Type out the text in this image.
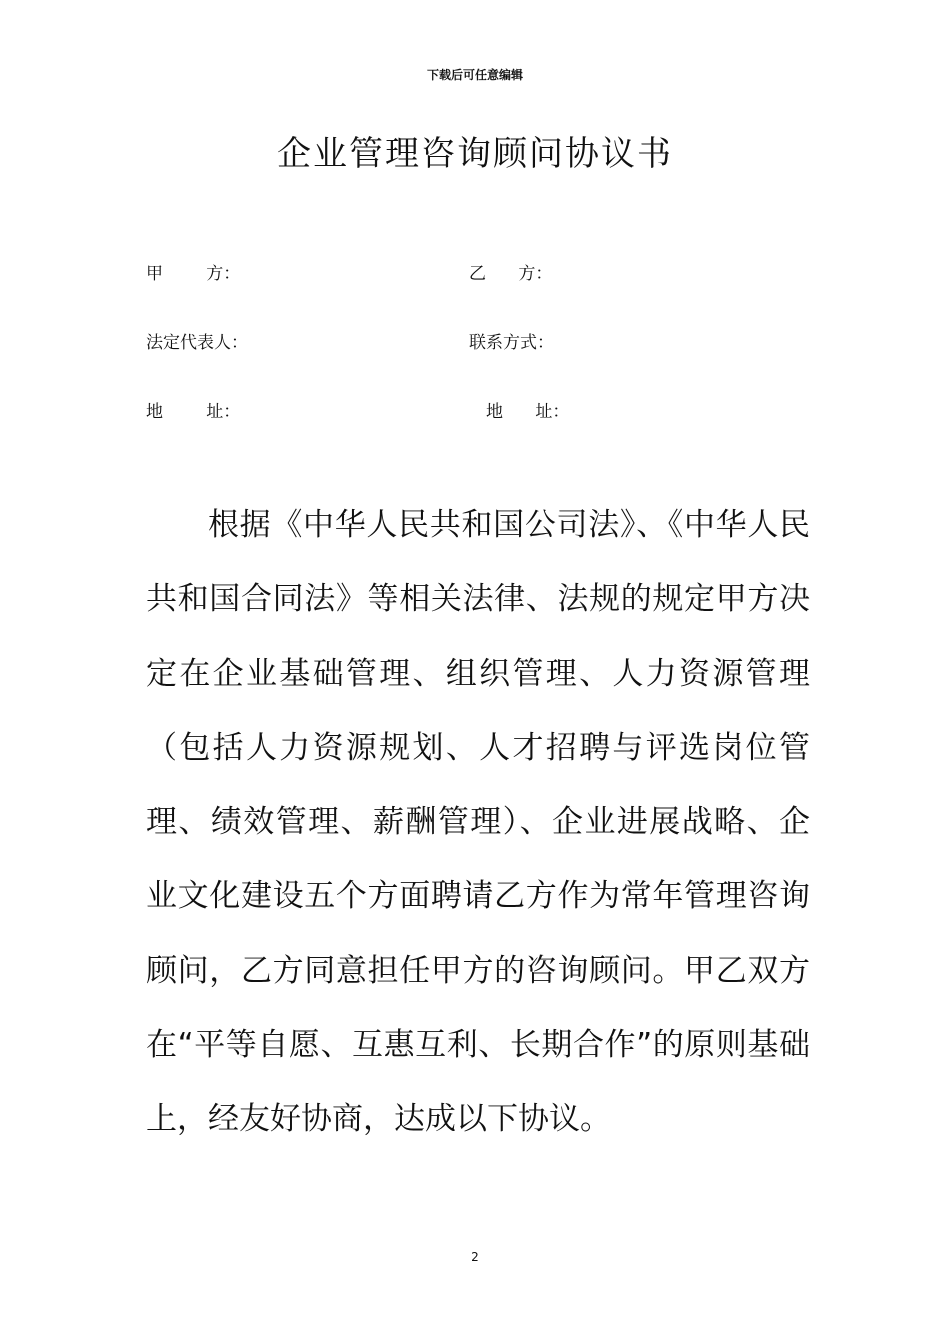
下载后可任意编辑
企业管理咨询顾问协议书
甲        方：	乙      方：
法定代表人：	联系方式：
地        址：	地      址：

根据《中华人民共和国公司法》、《中华人民共和国合同法》等相关法律、法规的规定甲方决定在企业基础管理、组织管理、人力资源管理（包括人力资源规划、人才招聘与评选岗位管理、绩效管理、薪酬管理）、企业进展战略、企业文化建设五个方面聘请乙方作为常年管理咨询顾问，乙方同意担任甲方的咨询顾问。甲乙双方在“平等自愿、互惠互利、长期合作”的原则基础上，经友好协商，达成以下协议。

2
